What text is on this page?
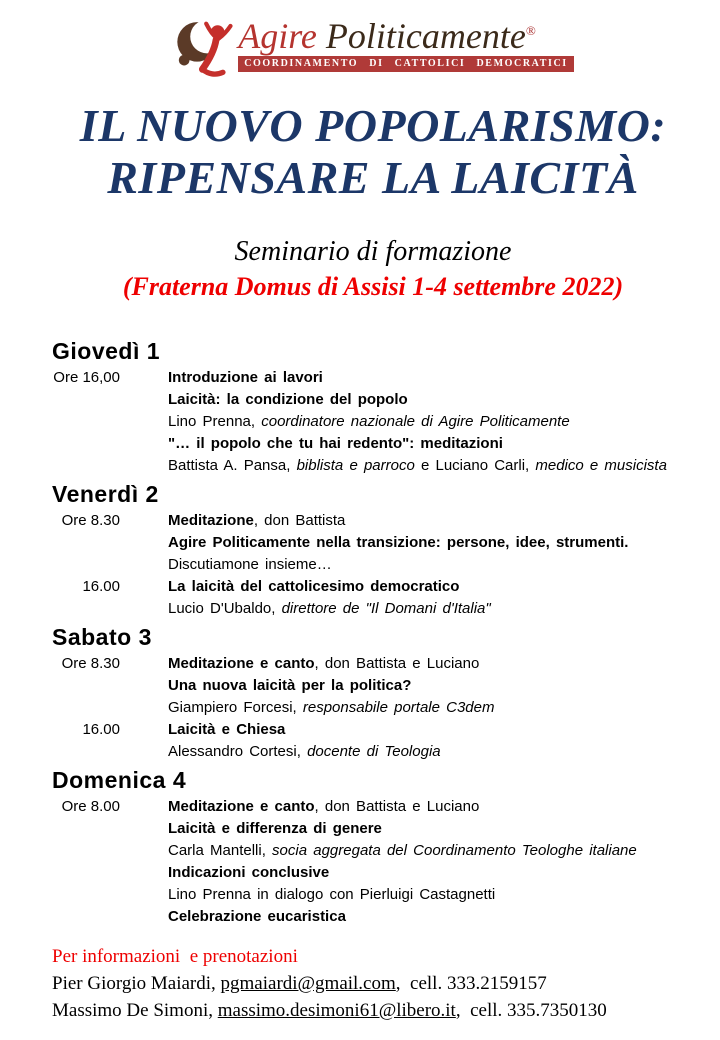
Agire Politicamente®
COORDINAMENTO DI CATTOLICI DEMOCRATICI
IL NUOVO POPOLARISMO:
RIPENSARE LA LAICITÀ
Seminario di formazione
(Fraterna Domus di Assisi 1-4 settembre 2022)
Giovedì 1
Ore 16,00	Introduzione ai lavori
Laicità: la condizione del popolo
Lino Prenna, coordinatore nazionale di Agire Politicamente
"… il popolo che tu hai redento": meditazioni
Battista A. Pansa, biblista e parroco e Luciano Carli, medico e musicista
Venerdì 2
Ore 8.30	Meditazione, don Battista
Agire Politicamente nella transizione: persone, idee, strumenti.
Discutiamone insieme…
16.00	La laicità del cattolicesimo democratico
Lucio D'Ubaldo, direttore de "Il Domani d'Italia"
Sabato 3
Ore 8.30	Meditazione e canto, don Battista e Luciano
Una nuova laicità per la politica?
Giampiero Forcesi, responsabile portale C3dem
16.00	Laicità e Chiesa
Alessandro Cortesi, docente di Teologia
Domenica 4
Ore 8.00	Meditazione e canto, don Battista e Luciano
Laicità e differenza di genere
Carla Mantelli, socia aggregata del Coordinamento Teologhe italiane
Indicazioni conclusive
Lino Prenna in dialogo con Pierluigi Castagnetti
Celebrazione eucaristica
Per informazioni  e prenotazioni
Pier Giorgio Maiardi, pgmaiardi@gmail.com,  cell. 333.2159157
Massimo De Simoni, massimo.desimoni61@libero.it,  cell. 335.7350130
